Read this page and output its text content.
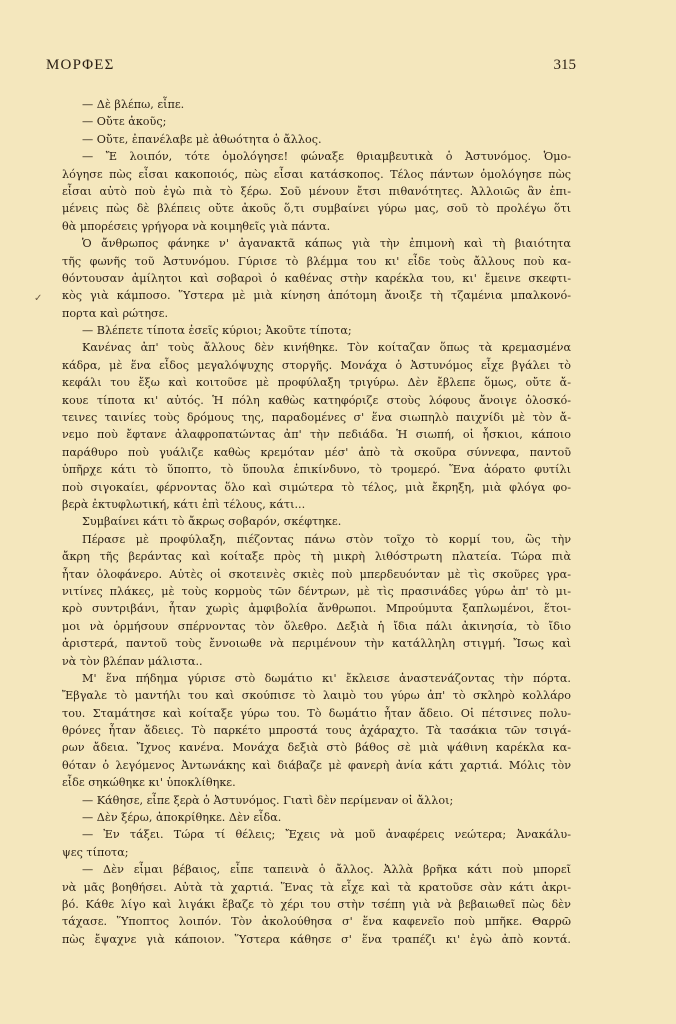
ΜΟΡΦΕΣ	315
✓
— Δὲ βλέπω, εἶπε.
— Οὔτε ἀκοῦς;
— Οὔτε, ἐπανέλαβε μὲ ἀθωότητα ὁ ἄλλος.
— Ἔ λοιπόν, τότε ὁμολόγησε! φώναξε θριαμβευτικὰ ὁ Ἀστυνόμος. Ὁμο-
λόγησε πὼς εἶσαι κακοποιός, πὼς εἶσαι κατάσκοπος. Τέλος πάντων ὁμολόγησε πὼς
εἶσαι αὐτὸ ποὺ ἐγὼ πιὰ τὸ ξέρω. Σοῦ μένουν ἔτσι πιθανότητες. Ἀλλοιῶς ἂν ἐπι-
μένεις πὼς δὲ βλέπεις οὔτε ἀκοῦς ὅ,τι συμβαίνει γύρω μας, σοῦ τὸ προλέγω ὅτι
θὰ μπορέσεις γρήγορα νὰ κοιμηθεῖς γιὰ πάντα.
Ὁ ἄνθρωπος φάνηκε ν' ἀγανακτᾶ κάπως γιὰ τὴν ἐπιμονὴ καὶ τὴ βιαιότητα
τῆς φωνῆς τοῦ Ἀστυνόμου. Γύρισε τὸ βλέμμα του κι' εἶδε τοὺς ἄλλους ποὺ κα-
θόντουσαν ἀμίλητοι καὶ σοβαροὶ ὁ καθένας στὴν καρέκλα του, κι' ἔμεινε σκεφτι-
κὸς γιὰ κάμποσο. Ὕστερα μὲ μιὰ κίνηση ἀπότομη ἄνοιξε τὴ τζαμένια μπαλκονό-
πορτα καὶ ρώτησε.
— Βλέπετε τίποτα ἐσεῖς κύριοι; Ἀκοῦτε τίποτα;
Κανένας ἀπ' τοὺς ἄλλους δὲν κινήθηκε. Τὸν κοίταζαν ὅπως τὰ κρεμασμένα
κάδρα, μὲ ἕνα εἶδος μεγαλόψυχης στοργῆς. Μονάχα ὁ Ἀστυνόμος εἶχε βγάλει τὸ
κεφάλι του ἔξω καὶ κοιτοῦσε μὲ προφύλαξη τριγύρω. Δὲν ἔβλεπε ὅμως, οὔτε ἄ-
κουε τίποτα κι' αὐτός. Ἡ πόλη καθὼς κατηφόριζε στοὺς λόφους ἄνοιγε ὁλοσκό-
τεινες ταινίες τοὺς δρόμους της, παραδομένες σ' ἕνα σιωπηλὸ παιχνίδι μὲ τὸν ἄ-
νεμο ποὺ ἔφτανε ἀλαφροπατώντας ἀπ' τὴν πεδιάδα. Ἡ σιωπή, οἱ ἦσκιοι, κάποιο
παράθυρο ποὺ γυάλιζε καθὼς κρεμόταν μέσ' ἀπὸ τὰ σκοῦρα σύννεφα, παντοῦ
ὑπῆρχε κάτι τὸ ὕποπτο, τὸ ὕπουλα ἐπικίνδυνο, τὸ τρομερό. Ἕνα ἀόρατο φυτίλι
ποὺ σιγοκαίει, φέρνοντας ὅλο καὶ σιμώτερα τὸ τέλος, μιὰ ἔκρηξη, μιὰ φλόγα φο-
βερὰ ἐκτυφλωτική, κάτι ἐπὶ τέλους, κάτι...
Συμβαίνει κάτι τὸ ἄκρως σοβαρόν, σκέφτηκε.
Πέρασε μὲ προφύλαξη, πιέζοντας πάνω στὸν τοῖχο τὸ κορμί του, ὣς τὴν
ἄκρη τῆς βεράντας καὶ κοίταξε πρὸς τὴ μικρὴ λιθόστρωτη πλατεία. Τώρα πιὰ
ἦταν ὁλοφάνερο. Αὐτὲς οἱ σκοτεινὲς σκιὲς ποὺ μπερδευόνταν μὲ τὶς σκοῦρες γρα-
νιτίνες πλάκες, μὲ τοὺς κορμοὺς τῶν δέντρων, μὲ τὶς πρασινάδες γύρω ἀπ' τὸ μι-
κρὸ συντριβάνι, ἦταν χωρὶς ἀμφιβολία ἄνθρωποι. Μπρούμυτα ξαπλωμένοι, ἕτοι-
μοι νὰ ὁρμήσουν σπέρνοντας τὸν ὄλεθρο. Δεξιὰ ἡ ἴδια πάλι ἀκινησία, τὸ ἴδιο
ἀριστερά, παντοῦ τοὺς ἔννοιωθε νὰ περιμένουν τὴν κατάλληλη στιγμή. Ἴσως καὶ
νὰ τὸν βλέπαν μάλιστα..
Μ' ἕνα πήδημα γύρισε στὸ δωμάτιο κι' ἔκλεισε ἀναστενάζοντας τὴν πόρτα.
Ἔβγαλε τὸ μαντήλι του καὶ σκούπισε τὸ λαιμὸ του γύρω ἀπ' τὸ σκληρὸ κολλάρο
του. Σταμάτησε καὶ κοίταξε γύρω του. Τὸ δωμάτιο ἦταν ἄδειο. Οἱ πέτσινες πολυ-
θρόνες ἦταν ἄδειες. Τὸ παρκέτο μπροστά τους ἀχάραχτο. Τὰ τασάκια τῶν τσιγά-
ρων ἄδεια. Ἴχνος κανένα. Μονάχα δεξιὰ στὸ βάθος σὲ μιὰ ψάθινη καρέκλα κα-
θόταν ὁ λεγόμενος Ἀντωνάκης καὶ διάβαζε μὲ φανερὴ ἀνία κάτι χαρτιά. Μόλις τὸν
εἶδε σηκώθηκε κι' ὑποκλίθηκε.
— Κάθησε, εἶπε ξερὰ ὁ Ἀστυνόμος. Γιατὶ δὲν περίμεναν οἱ ἄλλοι;
— Δὲν ξέρω, ἀποκρίθηκε. Δὲν εἶδα.
— Ἐν τάξει. Τώρα τί θέλεις; Ἔχεις νὰ μοῦ ἀναφέρεις νεώτερα; Ἀνακάλυ-
ψες τίποτα;
— Δὲν εἶμαι βέβαιος, εἶπε ταπεινὰ ὁ ἄλλος. Ἀλλὰ βρῆκα κάτι ποὺ μπορεῖ
νὰ μᾶς βοηθήσει. Αὐτὰ τὰ χαρτιά. Ἕνας τὰ εἶχε καὶ τὰ κρατοῦσε σὰν κάτι ἀκρι-
βό. Κάθε λίγο καὶ λιγάκι ἔβαζε τὸ χέρι του στὴν τσέπη γιὰ νὰ βεβαιωθεῖ πὼς δὲν
τάχασε. Ὕποπτος λοιπόν. Τὸν ἀκολούθησα σ' ἕνα καφενεῖο ποὺ μπῆκε. Θαρρῶ
πὼς ἔψαχνε γιὰ κάποιον. Ὕστερα κάθησε σ' ἕνα τραπέζι κι' ἐγὼ ἀπὸ κοντά.
